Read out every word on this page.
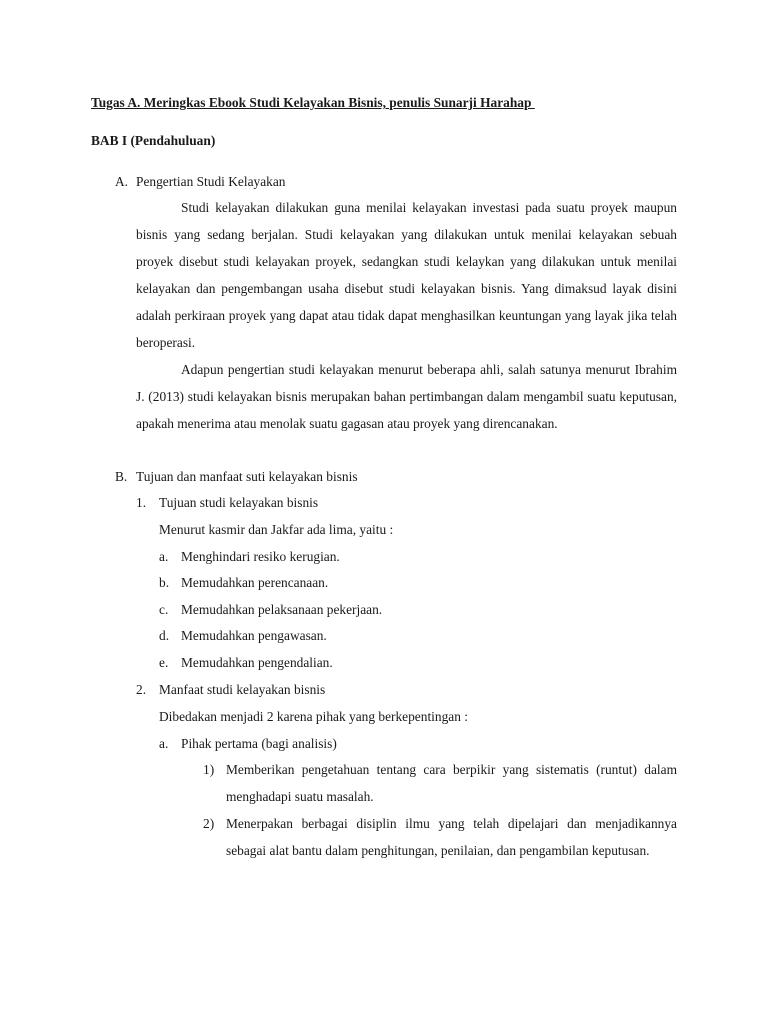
Tugas A. Meringkas Ebook Studi Kelayakan Bisnis, penulis Sunarji Harahap
BAB I (Pendahuluan)
A. Pengertian Studi Kelayakan
Studi kelayakan dilakukan guna menilai kelayakan investasi pada suatu proyek maupun bisnis yang sedang berjalan. Studi kelayakan yang dilakukan untuk menilai kelayakan sebuah proyek disebut studi kelayakan proyek, sedangkan studi kelaykan yang dilakukan untuk menilai kelayakan dan pengembangan usaha disebut studi kelayakan bisnis. Yang dimaksud layak disini adalah perkiraan proyek yang dapat atau tidak dapat menghasilkan keuntungan yang layak jika telah beroperasi.
Adapun pengertian studi kelayakan menurut beberapa ahli, salah satunya menurut Ibrahim J. (2013) studi kelayakan bisnis merupakan bahan pertimbangan dalam mengambil suatu keputusan, apakah menerima atau menolak suatu gagasan atau proyek yang direncanakan.
B. Tujuan dan manfaat suti kelayakan bisnis
1. Tujuan studi kelayakan bisnis
Menurut kasmir dan Jakfar ada lima, yaitu :
a. Menghindari resiko kerugian.
b. Memudahkan perencanaan.
c. Memudahkan pelaksanaan pekerjaan.
d. Memudahkan pengawasan.
e. Memudahkan pengendalian.
2. Manfaat studi kelayakan bisnis
Dibedakan menjadi 2 karena pihak yang berkepentingan :
a. Pihak pertama (bagi analisis)
1) Memberikan pengetahuan tentang cara berpikir yang sistematis (runtut) dalam menghadapi suatu masalah.
2) Menerpakan berbagai disiplin ilmu yang telah dipelajari dan menjadikannya sebagai alat bantu dalam penghitungan, penilaian, dan pengambilan keputusan.
